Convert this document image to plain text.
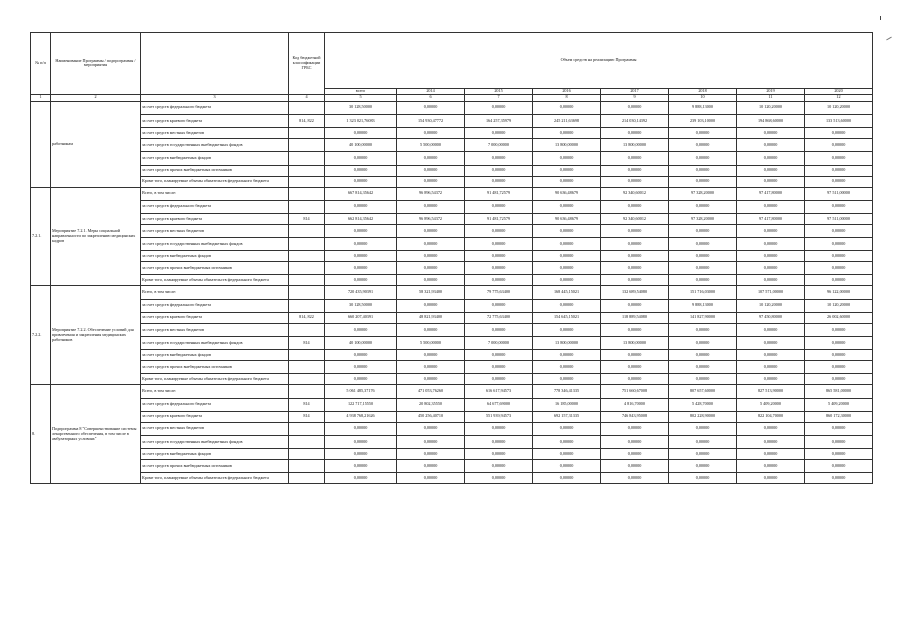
№ п/п	Наименование Программы / подпрограммы / мероприятия		Код бюджетной классификации ГРБС	Объем средств на реализацию Программы							
				всего	2014	2015	2016	2017	2018	2019	2020
1	2	3	4	5	6	7	8	9	10	11	12
	работникам	за счет средств федерального бюджета		30 128,50000	0,00000	0,00000	0,00000	0,00000	9 888,13000	10 120,20000	10 120,20000
		за счет средств краевого бюджета	814, 822	1 323 021,76083	154 930,47772	164 257,35979	245 211,63698	214 030,14392	239 103,10000	194 868,60000	133 513,60000
		за счет средств местных бюджетов		0,00000	0,00000	0,00000	0,00000	0,00000	0,00000	0,00000	0,00000
		за счет средств государственных внебюджетных фондов		40 100,00000	5 500,00000	7 000,00000	13 800,00000	13 800,00000	0,00000	0,00000	0,00000
		за счет средств внебюджетных фондов		0,00000	0,00000	0,00000	0,00000	0,00000	0,00000	0,00000	0,00000
		за счет средств прочих внебюджетных источников		0,00000	0,00000	0,00000	0,00000	0,00000	0,00000	0,00000	0,00000
		Кроме того, планируемые объемы обязательств федерального бюджета		0,00000	0,00000	0,00000	0,00000	0,00000	0,00000	0,00000	0,00000
7.2.1.	Мероприятие 7.2.1. Меры социальной направленности по закреплению медицинских кадров	Всего, в том числе:		667 814,35642	96 896,54372	91 481,72579	90 636,48679	92 340,60012	97 328,20000	97 417,80000	97 511,00000
		за счет средств федерального бюджета		0,00000	0,00000	0,00000	0,00000	0,00000	0,00000	0,00000	0,00000
		за счет средств краевого бюджета	814	662 814,35642	96 896,54372	91 481,72579	90 636,48679	92 340,60012	97 328,20000	97 417,80000	97 511,00000
		за счет средств местных бюджетов		0,00000	0,00000	0,00000	0,00000	0,00000	0,00000	0,00000	0,00000
		за счет средств государственных внебюджетных фондов		0,00000	0,00000	0,00000	0,00000	0,00000	0,00000	0,00000	0,00000
		за счет средств внебюджетных фондов		0,00000	0,00000	0,00000	0,00000	0,00000	0,00000	0,00000	0,00000
		за счет средств прочих внебюджетных источников		0,00000	0,00000	0,00000	0,00000	0,00000	0,00000	0,00000	0,00000
		Кроме того, планируемые объемы обязательств федерального бюджета		0,00000	0,00000	0,00000	0,00000	0,00000	0,00000	0,00000	0,00000
7.2.2.	Мероприятие 7.2.2. Обеспечение условий для привлечения и закрепления медицинских работников	Всего, в том числе:		720 435,90391	58 321,93400	79 775,63400	168 445,15021	132 689,54080	151 716,03000	107 571,00000	96 122,00000
		за счет средств федерального бюджета		30 128,50000	0,00000	0,00000	0,00000	0,00000	9 888,13000	10 120,20000	10 120,20000
		за счет средств краевого бюджета	814, 822	660 207,40391	48 821,93400	72 775,63400	154 645,15021	118 889,54080	141 827,90000	97 450,80000	26 002,60000
		за счет средств местных бюджетов		0,00000	0,00000	0,00000	0,00000	0,00000	0,00000	0,00000	0,00000
		за счет средств государственных внебюджетных фондов	814	40 100,00000	5 500,00000	7 000,00000	13 800,00000	13 800,00000	0,00000	0,00000	0,00000
		за счет средств внебюджетных фондов		0,00000	0,00000	0,00000	0,00000	0,00000	0,00000	0,00000	0,00000
		за счет средств прочих внебюджетных источников		0,00000	0,00000	0,00000	0,00000	0,00000	0,00000	0,00000	0,00000
		Кроме того, планируемые объемы обязательств федерального бюджета		0,00000	0,00000	0,00000	0,00000	0,00000	0,00000	0,00000	0,00000
8.	Подпрограмма 8 "Совершенствование системы лекарственного обеспечения, в том числе в амбулаторных условиях"	Всего, в том числе:		5 061 485,37176	471 053,76260	616 617,94573	778 346,41335	751 660,67008	807 657,60000	827 513,90000	865 581,00000
		за счет средств федерального бюджета	814	122 717,15550	20 802,35550	64 677,69000	16 185,00000	4 816,70000	5 428,70000	5 409,20000	5 409,20000
		за счет средств краевого бюджета	814	4 938 768,21626	450 256,40710	551 939,94573	692 157,31335	746 843,95008	802 228,90000	822 104,70000	860 172,30000
		за счет средств местных бюджетов		0,00000	0,00000	0,00000	0,00000	0,00000	0,00000	0,00000	0,00000
		за счет средств государственных внебюджетных фондов		0,00000	0,00000	0,00000	0,00000	0,00000	0,00000	0,00000	0,00000
		за счет средств внебюджетных фондов		0,00000	0,00000	0,00000	0,00000	0,00000	0,00000	0,00000	0,00000
		за счет средств прочих внебюджетных источников		0,00000	0,00000	0,00000	0,00000	0,00000	0,00000	0,00000	0,00000
		Кроме того, планируемые объемы обязательств федерального бюджета		0,00000	0,00000	0,00000	0,00000	0,00000	0,00000	0,00000	0,00000
